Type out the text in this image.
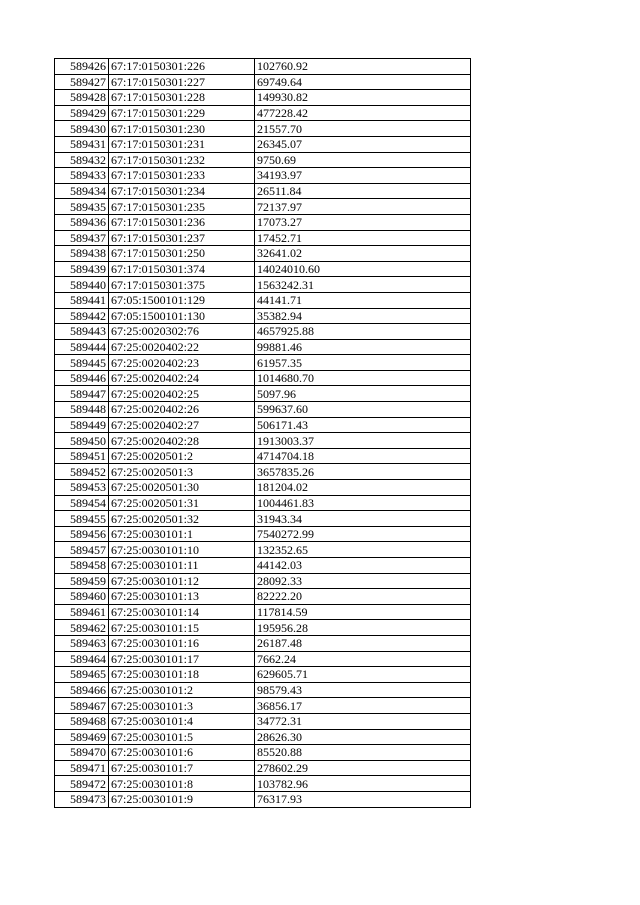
589426	67:17:0150301:226	102760.92
589427	67:17:0150301:227	69749.64
589428	67:17:0150301:228	149930.82
589429	67:17:0150301:229	477228.42
589430	67:17:0150301:230	21557.70
589431	67:17:0150301:231	26345.07
589432	67:17:0150301:232	9750.69
589433	67:17:0150301:233	34193.97
589434	67:17:0150301:234	26511.84
589435	67:17:0150301:235	72137.97
589436	67:17:0150301:236	17073.27
589437	67:17:0150301:237	17452.71
589438	67:17:0150301:250	32641.02
589439	67:17:0150301:374	14024010.60
589440	67:17:0150301:375	1563242.31
589441	67:05:1500101:129	44141.71
589442	67:05:1500101:130	35382.94
589443	67:25:0020302:76	4657925.88
589444	67:25:0020402:22	99881.46
589445	67:25:0020402:23	61957.35
589446	67:25:0020402:24	1014680.70
589447	67:25:0020402:25	5097.96
589448	67:25:0020402:26	599637.60
589449	67:25:0020402:27	506171.43
589450	67:25:0020402:28	1913003.37
589451	67:25:0020501:2	4714704.18
589452	67:25:0020501:3	3657835.26
589453	67:25:0020501:30	181204.02
589454	67:25:0020501:31	1004461.83
589455	67:25:0020501:32	31943.34
589456	67:25:0030101:1	7540272.99
589457	67:25:0030101:10	132352.65
589458	67:25:0030101:11	44142.03
589459	67:25:0030101:12	28092.33
589460	67:25:0030101:13	82222.20
589461	67:25:0030101:14	117814.59
589462	67:25:0030101:15	195956.28
589463	67:25:0030101:16	26187.48
589464	67:25:0030101:17	7662.24
589465	67:25:0030101:18	629605.71
589466	67:25:0030101:2	98579.43
589467	67:25:0030101:3	36856.17
589468	67:25:0030101:4	34772.31
589469	67:25:0030101:5	28626.30
589470	67:25:0030101:6	85520.88
589471	67:25:0030101:7	278602.29
589472	67:25:0030101:8	103782.96
589473	67:25:0030101:9	76317.93
